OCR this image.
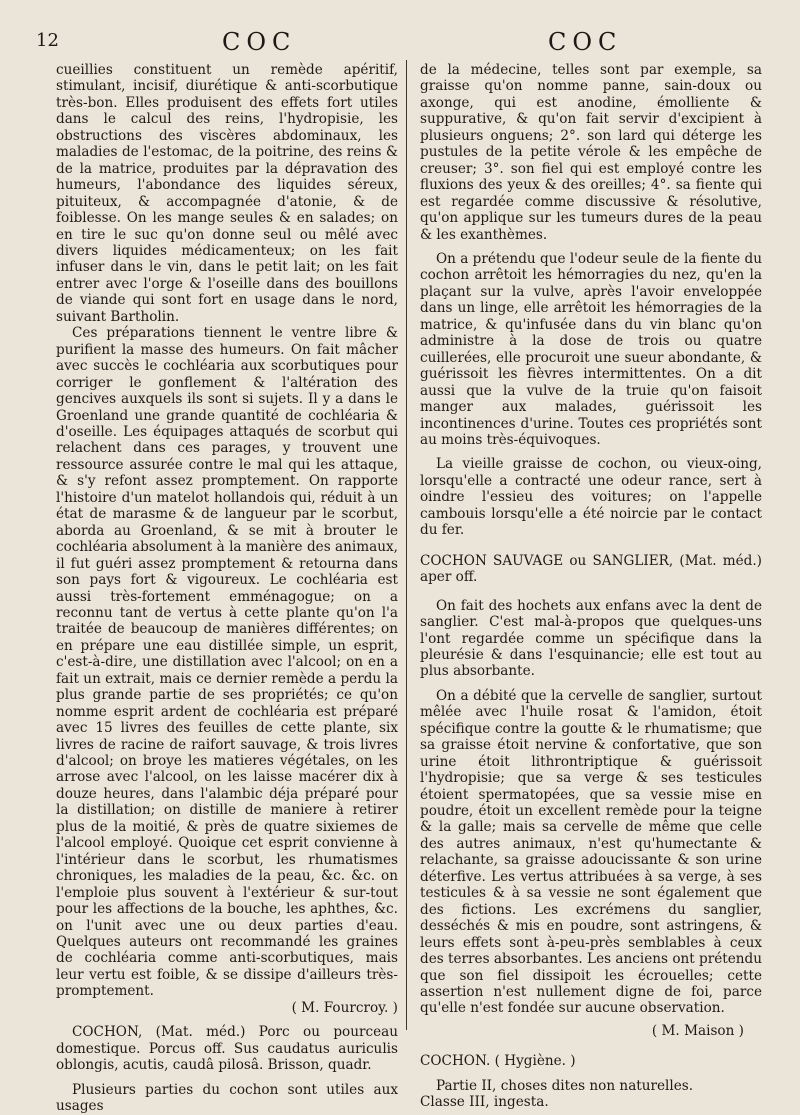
12	COC	COC

cueillies constituent un remède apéritif, stimulant, incisif, diurétique & anti-scorbutique très-bon. Elles produisent des effets fort utiles dans le calcul des reins, l'hydropisie, les obstructions des viscères abdominaux, les maladies de l'estomac, de la poitrine, des reins & de la matrice, produites par la dépravation des humeurs, l'abondance des liquides séreux, pituiteux, & accompagnée d'atonie, & de foiblesse. On les mange seules & en salades; on en tire le suc qu'on donne seul ou mêlé avec divers liquides médicamenteux; on les fait infuser dans le vin, dans le petit lait; on les fait entrer avec l'orge & l'oseille dans des bouillons de viande qui sont fort en usage dans le nord, suivant Bartholin.

Ces préparations tiennent le ventre libre & purifient la masse des humeurs. On fait mâcher avec succès le cochléaria aux scorbutiques pour corriger le gonflement & l'altération des gencives auxquels ils sont si sujets. Il y a dans le Groenland une grande quantité de cochléaria & d'oseille. Les équipages attaqués de scorbut qui relachent dans ces parages, y trouvent une ressource assurée contre le mal qui les attaque, & s'y refont assez promptement. On rapporte l'histoire d'un matelot hollandois qui, réduit à un état de marasme & de langueur par le scorbut, aborda au Groenland, & se mit à brouter le cochléaria absolument à la manière des animaux, il fut guéri assez promptement & retourna dans son pays fort & vigoureux. Le cochléaria est aussi très-fortement emménagogue; on a reconnu tant de vertus à cette plante qu'on l'a traitée de beaucoup de manières différentes; on en prépare une eau distillée simple, un esprit, c'est-à-dire, une distillation avec l'alcool; on en a fait un extrait, mais ce dernier remède a perdu la plus grande partie de ses propriétés; ce qu'on nomme esprit ardent de cochléaria est préparé avec 15 livres des feuilles de cette plante, six livres de racine de raifort sauvage, & trois livres d'alcool; on broye les matieres végétales, on les arrose avec l'alcool, on les laisse macérer dix à douze heures, dans l'alambic déja préparé pour la distillation; on distille de maniere à retirer plus de la moitié, & près de quatre sixiemes de l'alcool employé. Quoique cet esprit convienne à l'intérieur dans le scorbut, les rhumatismes chroniques, les maladies de la peau, &c. &c. on l'emploie plus souvent à l'extérieur & sur-tout pour les affections de la bouche, les aphthes, &c. on l'unit avec une ou deux parties d'eau. Quelques auteurs ont recommandé les graines de cochléaria comme anti-scorbutiques, mais leur vertu est foible, & se dissipe d'ailleurs très-promptement.

( M. Fourcroy. )

COCHON, (Mat. méd.) Porc ou pourceau domestique. Porcus off. Sus caudatus auriculis oblongis, acutis, caudâ pilosâ. Brisson, quadr.

Plusieurs parties du cochon sont utiles aux usages

de la médecine, telles sont par exemple, sa graisse qu'on nomme panne, sain-doux ou axonge, qui est anodine, émolliente & suppurative, & qu'on fait servir d'excipient à plusieurs onguens; 2°. son lard qui déterge les pustules de la petite vérole & les empêche de creuser; 3°. son fiel qui est employé contre les fluxions des yeux & des oreilles; 4°. sa fiente qui est regardée comme discussive & résolutive, qu'on applique sur les tumeurs dures de la peau & les exanthèmes.

On a prétendu que l'odeur seule de la fiente du cochon arrêtoit les hémorragies du nez, qu'en la plaçant sur la vulve, après l'avoir enveloppée dans un linge, elle arrêtoit les hémorragies de la matrice, & qu'infusée dans du vin blanc qu'on administre à la dose de trois ou quatre cuillerées, elle procuroit une sueur abondante, & guérissoit les fièvres intermittentes. On a dit aussi que la vulve de la truie qu'on faisoit manger aux malades, guérissoit les incontinences d'urine. Toutes ces propriétés sont au moins très-équivoques.

La vieille graisse de cochon, ou vieux-oing, lorsqu'elle a contracté une odeur rance, sert à oindre l'essieu des voitures; on l'appelle cambouis lorsqu'elle a été noircie par le contact du fer.

COCHON SAUVAGE ou SANGLIER, (Mat. méd.) aper off.

On fait des hochets aux enfans avec la dent de sanglier. C'est mal-à-propos que quelques-uns l'ont regardée comme un spécifique dans la pleurésie & dans l'esquinancie; elle est tout au plus absorbante.

On a débité que la cervelle de sanglier, surtout mêlée avec l'huile rosat & l'amidon, étoit spécifique contre la goutte & le rhumatisme; que sa graisse étoit nervine & confortative, que son urine étoit lithrontriptique & guérissoit l'hydropisie; que sa verge & ses testicules étoient spermatopées, que sa vessie mise en poudre, étoit un excellent remède pour la teigne & la galle; mais sa cervelle de même que celle des autres animaux, n'est qu'humectante & relachante, sa graisse adoucissante & son urine déterfive. Les vertus attribuées à sa verge, à ses testicules & à sa vessie ne sont également que des fictions. Les excrémens du sanglier, desséchés & mis en poudre, sont astringens, & leurs effets sont à-peu-près semblables à ceux des terres absorbantes. Les anciens ont prétendu que son fiel dissipoit les écrouelles; cette assertion n'est nullement digne de foi, parce qu'elle n'est fondée sur aucune observation.

( M. Maison )

COCHON. ( Hygiène. )

Partie II, choses dites non naturelles.

Classe III, ingesta.
